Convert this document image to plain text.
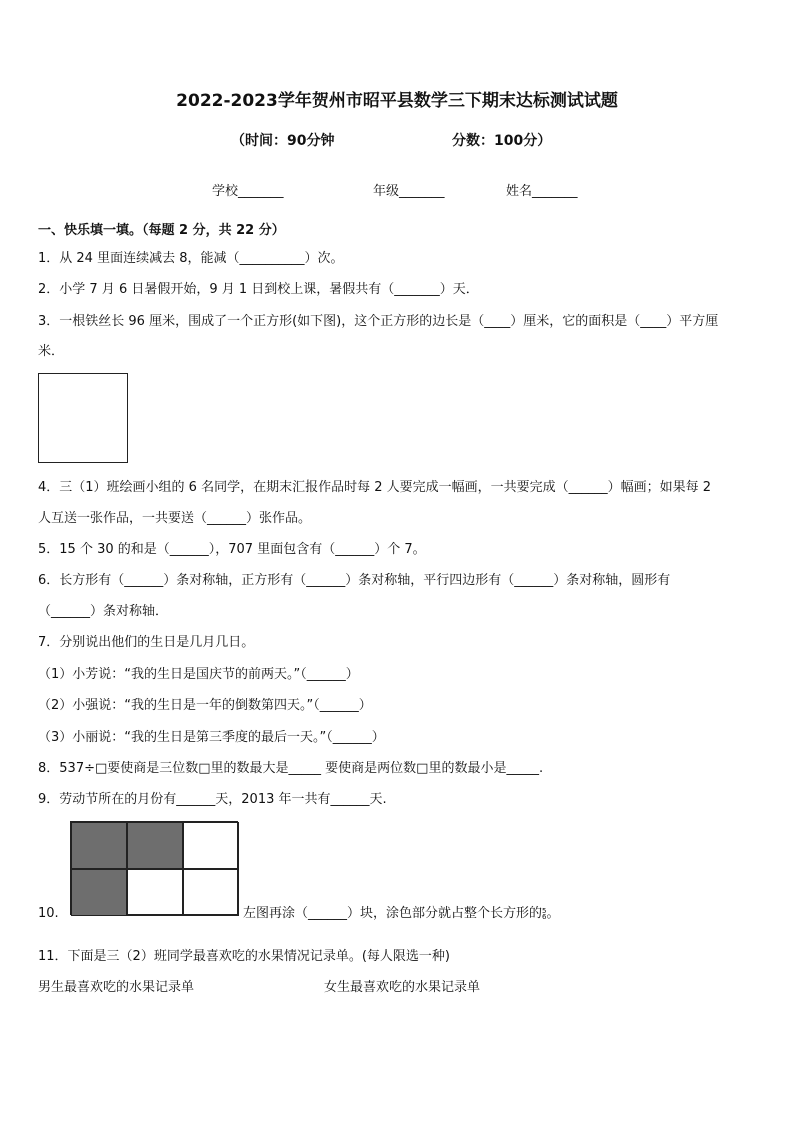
2022-2023学年贺州市昭平县数学三下期末达标测试试题
（时间：90分钟	分数：100分）
学校_______	年级_______	姓名_______
一、快乐填一填。（每题 2 分，共 22 分）
1．从 24 里面连续减去 8，能减（__________）次。
2．小学 7 月 6 日暑假开始，9 月 1 日到校上课，暑假共有（_______）天．
3．一根铁丝长 96 厘米，围成了一个正方形(如下图)，这个正方形的边长是（____）厘米，它的面积是（____）平方厘
米．
4．三（1）班绘画小组的 6 名同学，在期末汇报作品时每 2 人要完成一幅画，一共要完成（______）幅画；如果每 2
人互送一张作品，一共要送（______）张作品。
5．15 个 30 的和是（______），707 里面包含有（______）个 7。
6．长方形有（______）条对称轴，正方形有（______）条对称轴，平行四边形有（______）条对称轴，圆形有
（______）条对称轴．
7．分别说出他们的生日是几月几日。
（1）小芳说：“我的生日是国庆节的前两天。”（______）
（2）小强说：“我的生日是一年的倒数第四天。”（______）
（3）小丽说：“我的生日是第三季度的最后一天。”（______）
8．537÷□要使商是三位数□里的数最大是_____ 要使商是两位数□里的数最小是_____.
9．劳动节所在的月份有______天，2013 年一共有______天.
10.	左图再涂（______）块，涂色部分就占整个长方形的 5
6 。
11．下面是三（2）班同学最喜欢吃的水果情况记录单。(每人限选一种)
男生最喜欢吃的水果记录单	女生最喜欢吃的水果记录单
